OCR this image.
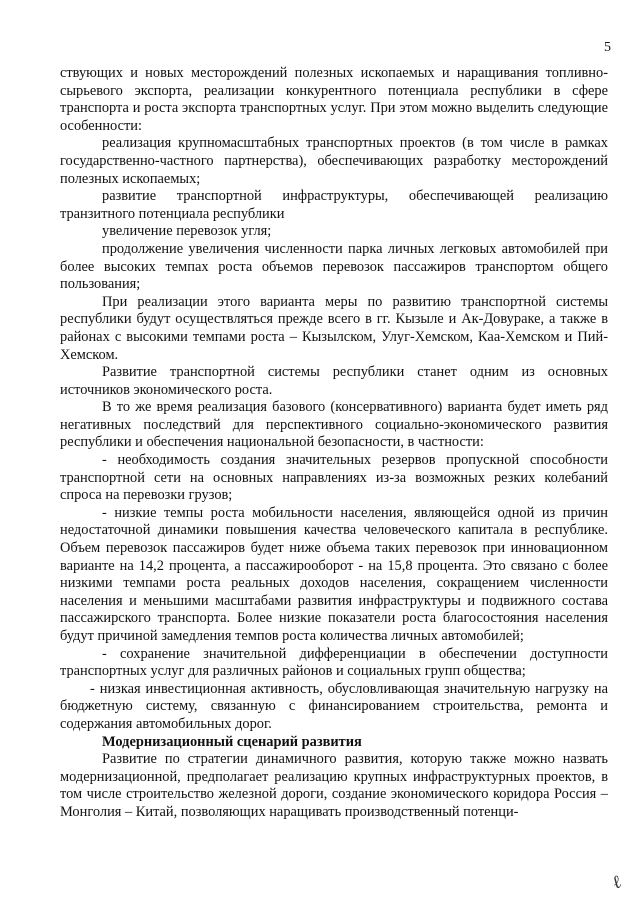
5

ствующих и новых месторождений полезных ископаемых и наращивания топливно-сырьевого экспорта, реализации конкурентного потенциала республики в сфере транспорта и роста экспорта транспортных услуг. При этом можно выделить следующие особенности:

реализация крупномасштабных транспортных проектов (в том числе в рамках государственно-частного партнерства), обеспечивающих разработку месторождений полезных ископаемых;

развитие транспортной инфраструктуры, обеспечивающей реализацию транзитного потенциала республики

увеличение перевозок угля;

продолжение увеличения численности парка личных легковых автомобилей при более высоких темпах роста объемов перевозок пассажиров транспортом общего пользования;

При реализации этого варианта меры по развитию транспортной системы республики будут осуществляться прежде всего в гг. Кызыле и Ак-Довураке, а также в районах с высокими темпами роста – Кызылском, Улуг-Хемском, Каа-Хемском и Пий-Хемском.

Развитие транспортной системы республики станет одним из основных источников экономического роста.

В то же время реализация базового (консервативного) варианта будет иметь ряд негативных последствий для перспективного социально-экономического развития республики и обеспечения национальной безопасности, в частности:

- необходимость создания значительных резервов пропускной способности транспортной сети на основных направлениях из-за возможных резких колебаний спроса на перевозки грузов;

- низкие темпы роста мобильности населения, являющейся одной из причин недостаточной динамики повышения качества человеческого капитала в республике. Объем перевозок пассажиров будет ниже объема таких перевозок при инновационном варианте на 14,2 процента, а пассажирооборот - на 15,8 процента. Это связано с более низкими темпами роста реальных доходов населения, сокращением численности населения и меньшими масштабами развития инфраструктуры и подвижного состава пассажирского транспорта. Более низкие показатели роста благосостояния населения будут причиной замедления темпов роста количества личных автомобилей;

- сохранение значительной дифференциации в обеспечении доступности транспортных услуг для различных районов и социальных групп общества;

- низкая инвестиционная активность, обусловливающая значительную нагрузку на бюджетную систему, связанную с финансированием строительства, ремонта и содержания автомобильных дорог.

Модернизационный сценарий развития

Развитие по стратегии динамичного развития, которую также можно назвать модернизационной, предполагает реализацию крупных инфраструктурных проектов, в том числе строительство железной дороги, создание экономического коридора Россия – Монголия – Китай, позволяющих наращивать производственный потенци-

ℓ
